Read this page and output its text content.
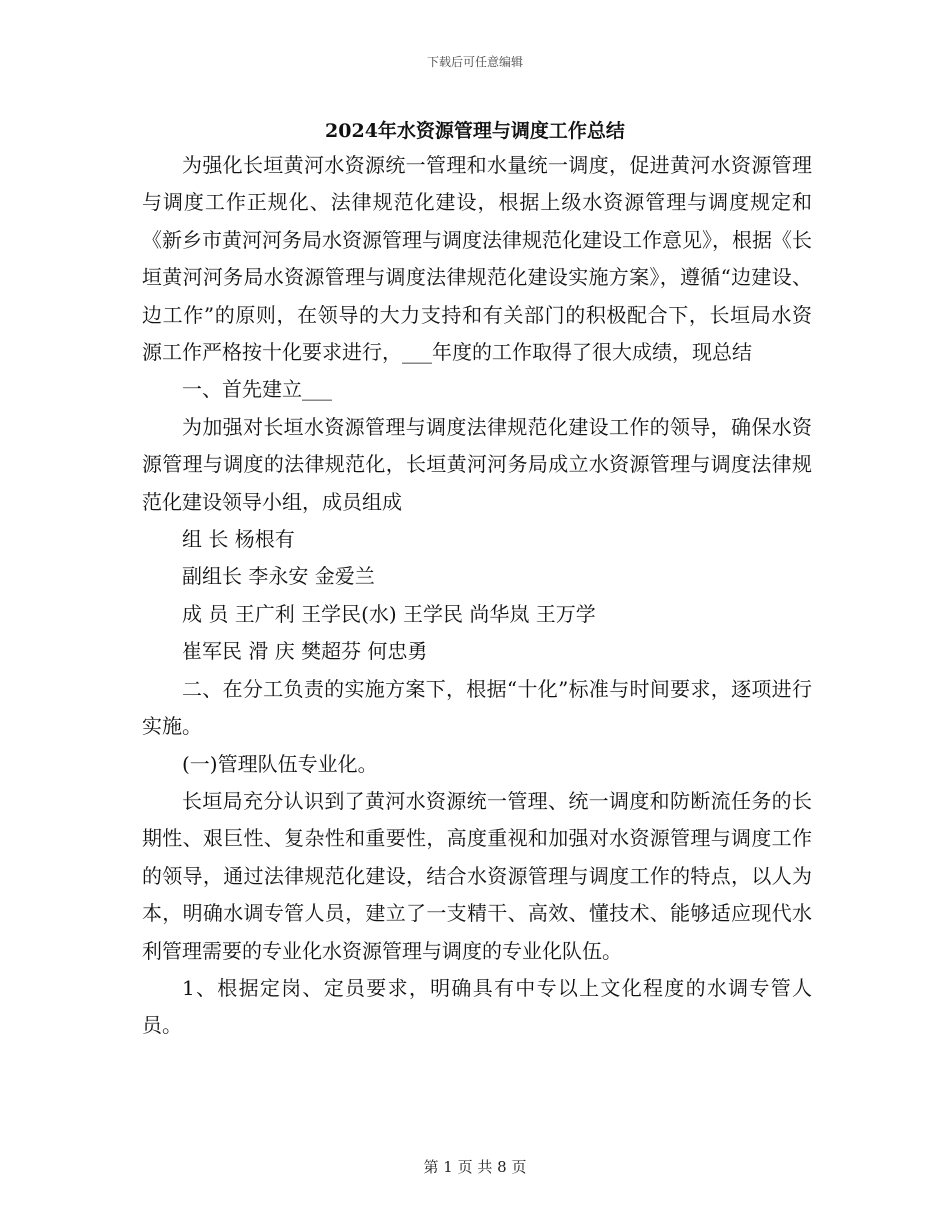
下载后可任意编辑
2024年水资源管理与调度工作总结

为强化长垣黄河水资源统一管理和水量统一调度，促进黄河水资源管理与调度工作正规化、法律规范化建设，根据上级水资源管理与调度规定和《新乡市黄河河务局水资源管理与调度法律规范化建设工作意见》，根据《长垣黄河河务局水资源管理与调度法律规范化建设实施方案》，遵循“边建设、边工作”的原则，在领导的大力支持和有关部门的积极配合下，长垣局水资源工作严格按十化要求进行，___年度的工作取得了很大成绩，现总结

一、首先建立___

为加强对长垣水资源管理与调度法律规范化建设工作的领导，确保水资源管理与调度的法律规范化，长垣黄河河务局成立水资源管理与调度法律规范化建设领导小组，成员组成

组 长 杨根有

副组长 李永安 金爱兰

成 员 王广利 王学民(水) 王学民 尚华岚 王万学

崔军民 滑 庆 樊超芬 何忠勇

二、在分工负责的实施方案下，根据“十化”标准与时间要求，逐项进行实施。

(一)管理队伍专业化。

长垣局充分认识到了黄河水资源统一管理、统一调度和防断流任务的长期性、艰巨性、复杂性和重要性，高度重视和加强对水资源管理与调度工作的领导，通过法律规范化建设，结合水资源管理与调度工作的特点，以人为本，明确水调专管人员，建立了一支精干、高效、懂技术、能够适应现代水利管理需要的专业化水资源管理与调度的专业化队伍。

1、根据定岗、定员要求，明确具有中专以上文化程度的水调专管人员。

第 1 页 共 8 页
